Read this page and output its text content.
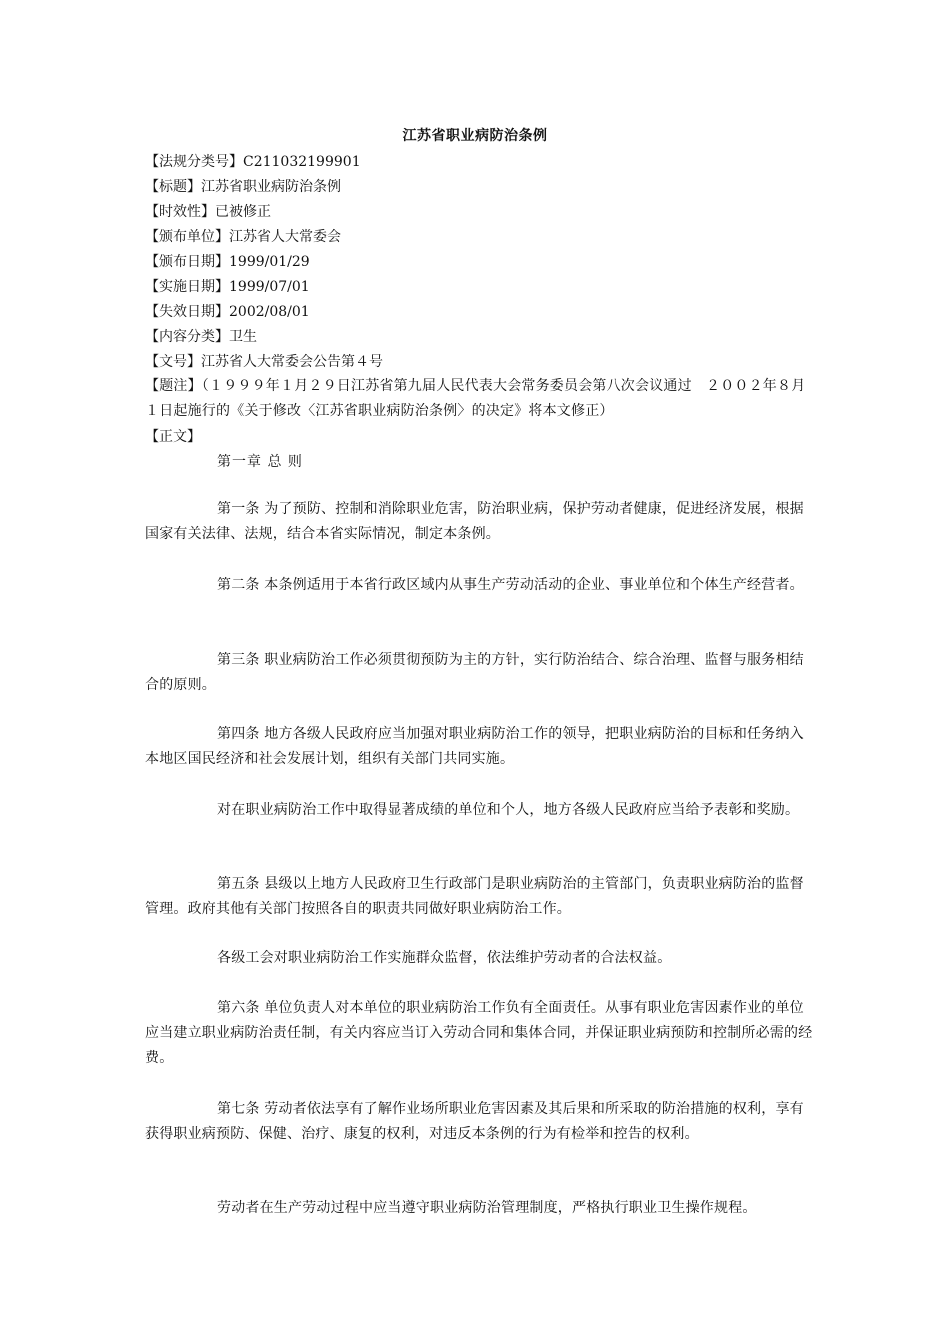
江苏省职业病防治条例
【法规分类号】C211032199901
【标题】江苏省职业病防治条例
【时效性】已被修正
【颁布单位】江苏省人大常委会
【颁布日期】1999/01/29
【实施日期】1999/07/01
【失效日期】2002/08/01
【内容分类】卫生
【文号】江苏省人大常委会公告第４号
【题注】（１９９９年１月２９日江苏省第九届人民代表大会常务委员会第八次会议通过　２００２年８月１日起施行的《关于修改〈江苏省职业病防治条例〉的决定》将本文修正）
【正文】
第一章 总 则
第一条 为了预防、控制和消除职业危害，防治职业病，保护劳动者健康，促进经济发展，根据国家有关法律、法规，结合本省实际情况，制定本条例。
第二条 本条例适用于本省行政区域内从事生产劳动活动的企业、事业单位和个体生产经营者。
第三条 职业病防治工作必须贯彻预防为主的方针，实行防治结合、综合治理、监督与服务相结合的原则。
第四条 地方各级人民政府应当加强对职业病防治工作的领导，把职业病防治的目标和任务纳入本地区国民经济和社会发展计划，组织有关部门共同实施。
对在职业病防治工作中取得显著成绩的单位和个人，地方各级人民政府应当给予表彰和奖励。
第五条 县级以上地方人民政府卫生行政部门是职业病防治的主管部门，负责职业病防治的监督管理。政府其他有关部门按照各自的职责共同做好职业病防治工作。
各级工会对职业病防治工作实施群众监督，依法维护劳动者的合法权益。
第六条 单位负责人对本单位的职业病防治工作负有全面责任。从事有职业危害因素作业的单位应当建立职业病防治责任制，有关内容应当订入劳动合同和集体合同，并保证职业病预防和控制所必需的经费。
第七条 劳动者依法享有了解作业场所职业危害因素及其后果和所采取的防治措施的权利，享有获得职业病预防、保健、治疗、康复的权利，对违反本条例的行为有检举和控告的权利。
劳动者在生产劳动过程中应当遵守职业病防治管理制度，严格执行职业卫生操作规程。
